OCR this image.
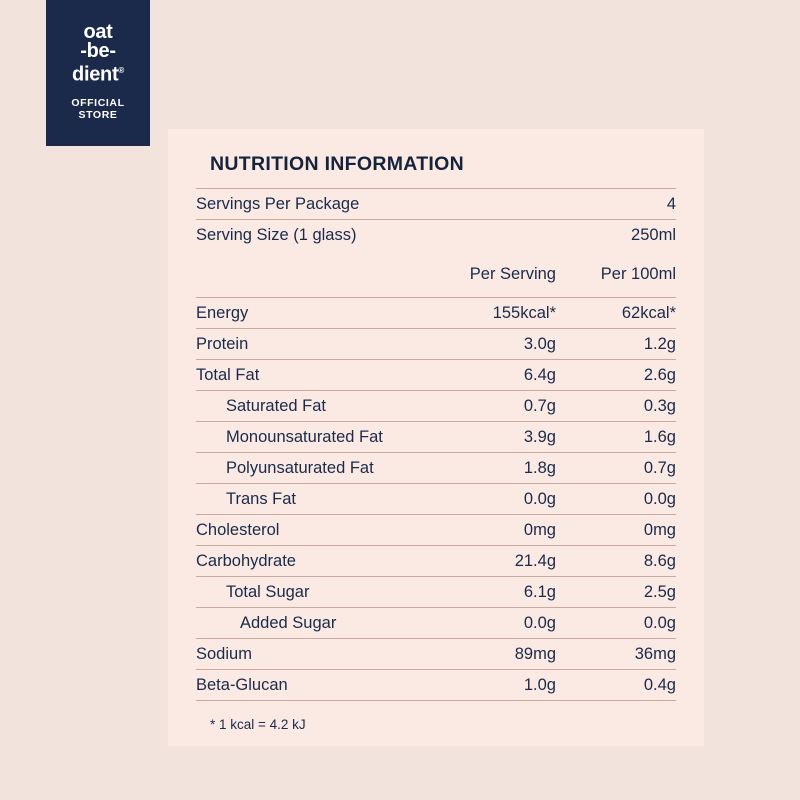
oat
-be-
dient®
OFFICIAL
STORE
NUTRITION INFORMATION
Servings Per Package		4
Serving Size (1 glass)		250ml
	Per Serving	Per 100ml
Energy	155kcal*	62kcal*
Protein	3.0g	1.2g
Total Fat	6.4g	2.6g
Saturated Fat	0.7g	0.3g
Monounsaturated Fat	3.9g	1.6g
Polyunsaturated Fat	1.8g	0.7g
Trans Fat	0.0g	0.0g
Cholesterol	0mg	0mg
Carbohydrate	21.4g	8.6g
Total Sugar	6.1g	2.5g
Added Sugar	0.0g	0.0g
Sodium	89mg	36mg
Beta-Glucan	1.0g	0.4g
* 1 kcal = 4.2 kJ
